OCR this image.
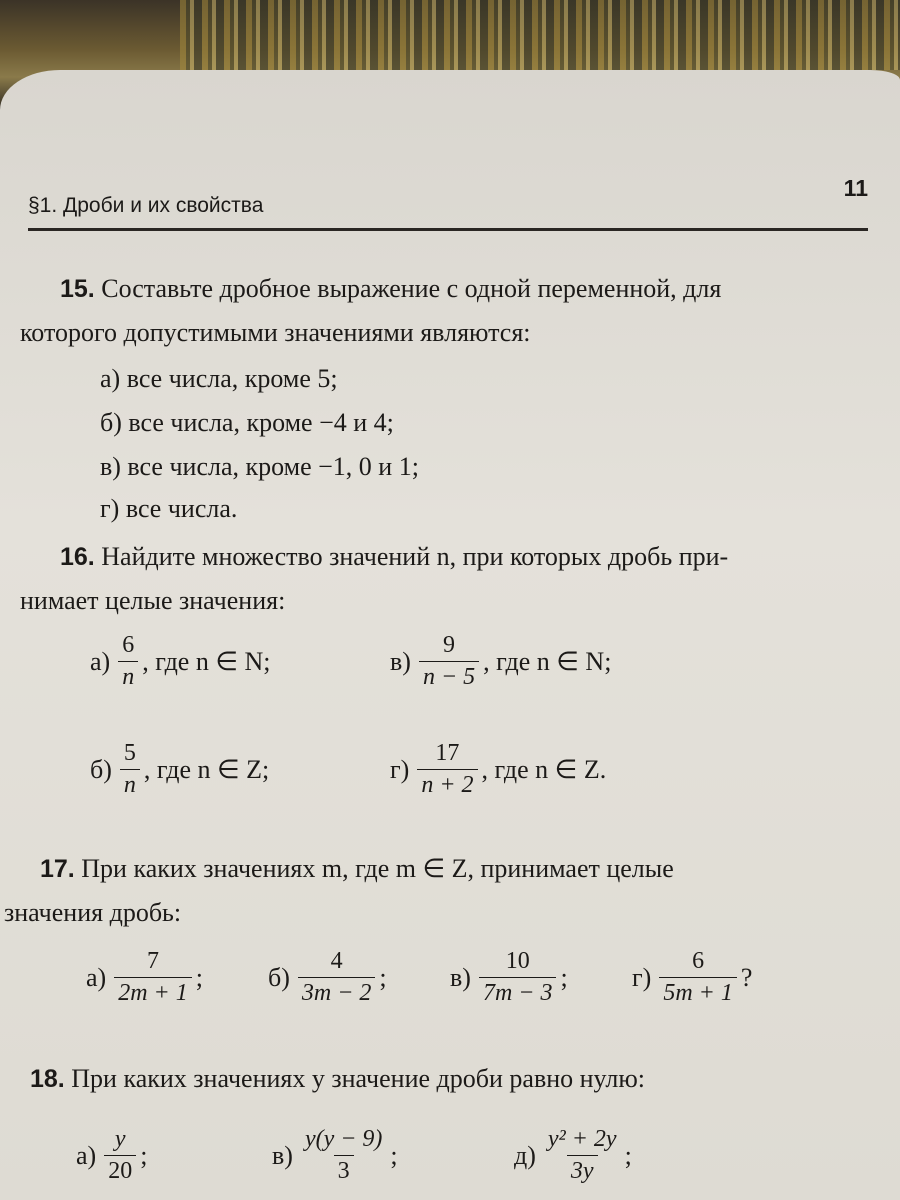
§1. Дроби и их свойства
11
15. Составьте дробное выражение с одной переменной, для
которого допустимыми значениями являются:
а) все числа, кроме 5;
б) все числа, кроме −4 и 4;
в) все числа, кроме −1, 0 и 1;
г) все числа.
16. Найдите множество значений n, при которых дробь при-
нимает целые значения:
$а) \frac{6}{n}$ , где n ∈ N;	$в) \frac{9}{n - 5}$ , где n ∈ N;
$б) \frac{5}{n}$ , где n ∈ Z;	$г) \frac{17}{n + 2}$ , где n ∈ Z.
17. При каких значениях m, где m ∈ Z, принимает целые
значения дробь:
$а) \frac{7}{2m + 1}$ ;	$б) \frac{4}{3m - 2}$ ; $в) \frac{10}{7m - 3}$ ; $г) \frac{6}{5m + 1}$ ?
18. При каких значениях y значение дроби равно нулю:
$а) \frac{y}{20}$ ;	$в) \frac{y(y - 9)}{3}$ ;	$д) \frac{\text{y² + 2y}}{3y}$ ;
